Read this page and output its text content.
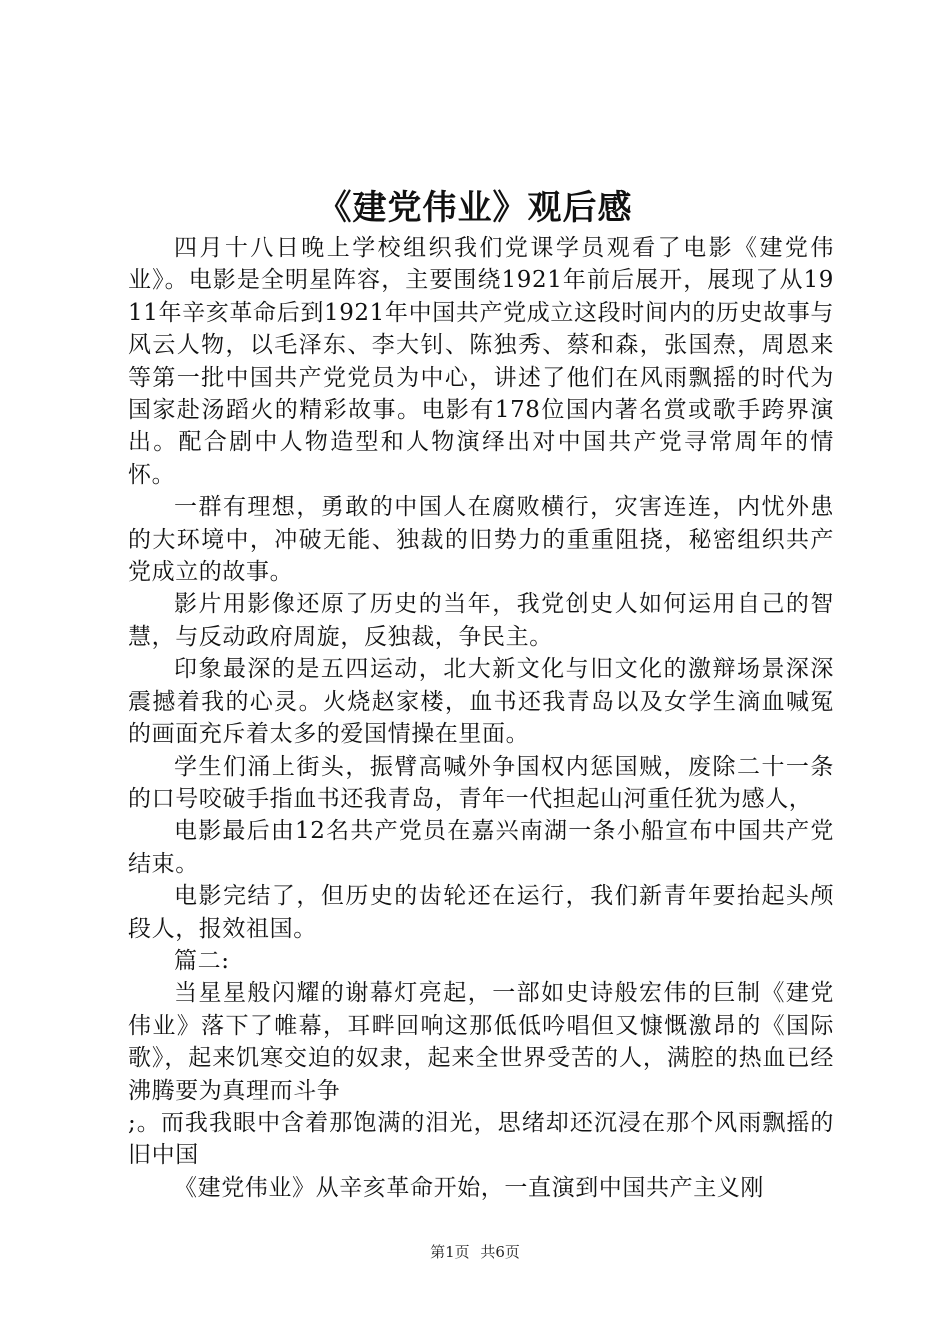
《建党伟业》观后感

四月十八日晚上学校组织我们党课学员观看了电影《建党伟业》。电影是全明星阵容，主要围绕1921年前后展开，展现了从1911年辛亥革命后到1921年中国共产党成立这段时间内的历史故事与风云人物，以毛泽东、李大钊、陈独秀、蔡和森，张国焘，周恩来等第一批中国共产党党员为中心，讲述了他们在风雨飘摇的时代为国家赴汤蹈火的精彩故事。电影有178位国内著名赏或歌手跨界演出。配合剧中人物造型和人物演绎出对中国共产党寻常周年的情怀。

一群有理想，勇敢的中国人在腐败横行，灾害连连，内忧外患的大环境中，冲破无能、独裁的旧势力的重重阻挠，秘密组织共产党成立的故事。

影片用影像还原了历史的当年，我党创史人如何运用自己的智慧，与反动政府周旋，反独裁，争民主。

印象最深的是五四运动，北大新文化与旧文化的激辩场景深深震撼着我的心灵。火烧赵家楼，血书还我青岛以及女学生滴血喊冤的画面充斥着太多的爱国情操在里面。

学生们涌上街头，振臂高喊外争国权内惩国贼，废除二十一条的口号咬破手指血书还我青岛，青年一代担起山河重任犹为感人，

电影最后由12名共产党员在嘉兴南湖一条小船宣布中国共产党结束。

电影完结了，但历史的齿轮还在运行，我们新青年要抬起头颅段人，报效祖国。

篇二:

当星星般闪耀的谢幕灯亮起，一部如史诗般宏伟的巨制《建党伟业》落下了帷幕，耳畔回响这那低低吟唱但又慷慨激昂的《国际歌》，起来饥寒交迫的奴隶，起来全世界受苦的人，满腔的热血已经沸腾要为真理而斗争

;。而我我眼中含着那饱满的泪光，思绪却还沉浸在那个风雨飘摇的旧中国

《建党伟业》从辛亥革命开始，一直演到中国共产主义刚

第1页 共6页
